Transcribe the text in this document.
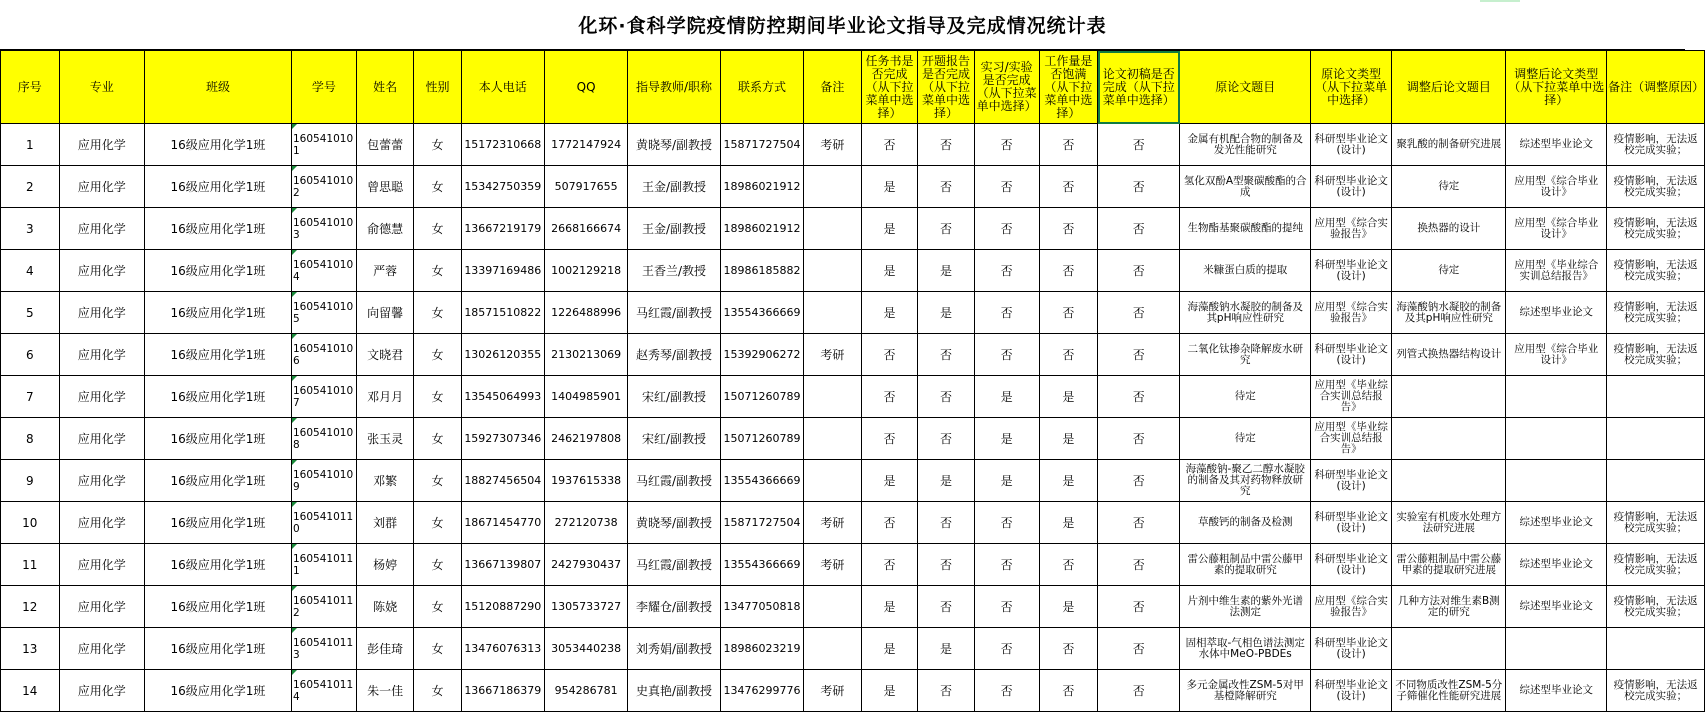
化环·食科学院疫情防控期间毕业论文指导及完成情况统计表
序号	专业	班级	学号	姓名	性别	本人电话	QQ	指导教师/职称	联系方式	备注	任务书是否完成（从下拉菜单中选择）	开题报告是否完成（从下拉菜单中选择）	实习/实验是否完成（从下拉菜单中选择）	工作量是否饱满（从下拉菜单中选择）	论文初稿是否完成（从下拉菜单中选择）	原论文题目	原论文类型（从下拉菜单中选择）	调整后论文题目	调整后论文类型（从下拉菜单中选择）	备注（调整原因）
1	应用化学	16级应用化学1班	1605410101	包蕾蕾	女	15172310668	1772147924	黄晓琴/副教授	15871727504	考研	否	否	否	否	否	金属有机配合物的制备及发光性能研究	科研型毕业论文(设计)	聚乳酸的制备研究进展	综述型毕业论文	疫情影响，无法返校完成实验；
2	应用化学	16级应用化学1班	1605410102	曾思聪	女	15342750359	507917655	王金/副教授	18986021912		是	否	否	否	否	氢化双酚A型聚碳酸酯的合成	科研型毕业论文(设计)	待定	应用型《综合毕业设计》	疫情影响，无法返校完成实验；
3	应用化学	16级应用化学1班	1605410103	俞德慧	女	13667219179	2668166674	王金/副教授	18986021912		是	否	否	否	否	生物酯基聚碳酸酯的提纯	应用型《综合实验报告》	换热器的设计	应用型《综合毕业设计》	疫情影响，无法返校完成实验；
4	应用化学	16级应用化学1班	1605410104	严蓉	女	13397169486	1002129218	王香兰/教授	18986185882		是	是	否	否	否	米糠蛋白质的提取	科研型毕业论文(设计)	待定	应用型《毕业综合实训总结报告》	疫情影响，无法返校完成实验；
5	应用化学	16级应用化学1班	1605410105	向留馨	女	18571510822	1226488996	马红霞/副教授	13554366669		是	是	否	否	否	海藻酸钠水凝胶的制备及其pH响应性研究	应用型《综合实验报告》	海藻酸钠水凝胶的制备及其pH响应性研究	综述型毕业论文	疫情影响，无法返校完成实验；
6	应用化学	16级应用化学1班	1605410106	文晓君	女	13026120355	2130213069	赵秀琴/副教授	15392906272	考研	否	否	否	否	否	二氧化钛掺杂降解废水研究	科研型毕业论文(设计)	列管式换热器结构设计	应用型《综合毕业设计》	疫情影响，无法返校完成实验；
7	应用化学	16级应用化学1班	1605410107	邓月月	女	13545064993	1404985901	宋红/副教授	15071260789		否	否	是	是	否	待定	应用型《毕业综合实训总结报告》			
8	应用化学	16级应用化学1班	1605410108	张玉灵	女	15927307346	2462197808	宋红/副教授	15071260789		否	否	是	是	否	待定	应用型《毕业综合实训总结报告》			
9	应用化学	16级应用化学1班	1605410109	邓繁	女	18827456504	1937615338	马红霞/副教授	13554366669		是	是	是	是	否	海藻酸钠-聚乙二醇水凝胶的制备及其对药物释放研究	科研型毕业论文(设计)			
10	应用化学	16级应用化学1班	1605410110	刘群	女	18671454770	272120738	黄晓琴/副教授	15871727504	考研	否	否	否	是	否	草酸钙的制备及检测	科研型毕业论文(设计)	实验室有机废水处理方法研究进展	综述型毕业论文	疫情影响，无法返校完成实验；
11	应用化学	16级应用化学1班	1605410111	杨婷	女	13667139807	2427930437	马红霞/副教授	13554366669	考研	否	否	否	否	否	雷公藤粗制品中雷公藤甲素的提取研究	科研型毕业论文(设计)	雷公藤粗制品中雷公藤甲素的提取研究进展	综述型毕业论文	疫情影响，无法返校完成实验；
12	应用化学	16级应用化学1班	1605410112	陈娆	女	15120887290	1305733727	李耀仓/副教授	13477050818		是	否	否	是	否	片剂中维生素的紫外光谱法测定	应用型《综合实验报告》	几种方法对维生素B测定的研究	综述型毕业论文	疫情影响，无法返校完成实验；
13	应用化学	16级应用化学1班	1605410113	彭佳琦	女	13476076313	3053440238	刘秀娟/副教授	18986023219		是	是	否	否	否	固相萃取-气相色谱法测定水体中MeO-PBDEs	科研型毕业论文(设计)			
14	应用化学	16级应用化学1班	1605410114	朱一佳	女	13667186379	954286781	史真艳/副教授	13476299776	考研	是	否	否	否	否	多元金属改性ZSM-5对甲基橙降解研究	科研型毕业论文(设计)	不同物质改性ZSM-5分子筛催化性能研究进展	综述型毕业论文	疫情影响，无法返校完成实验；
